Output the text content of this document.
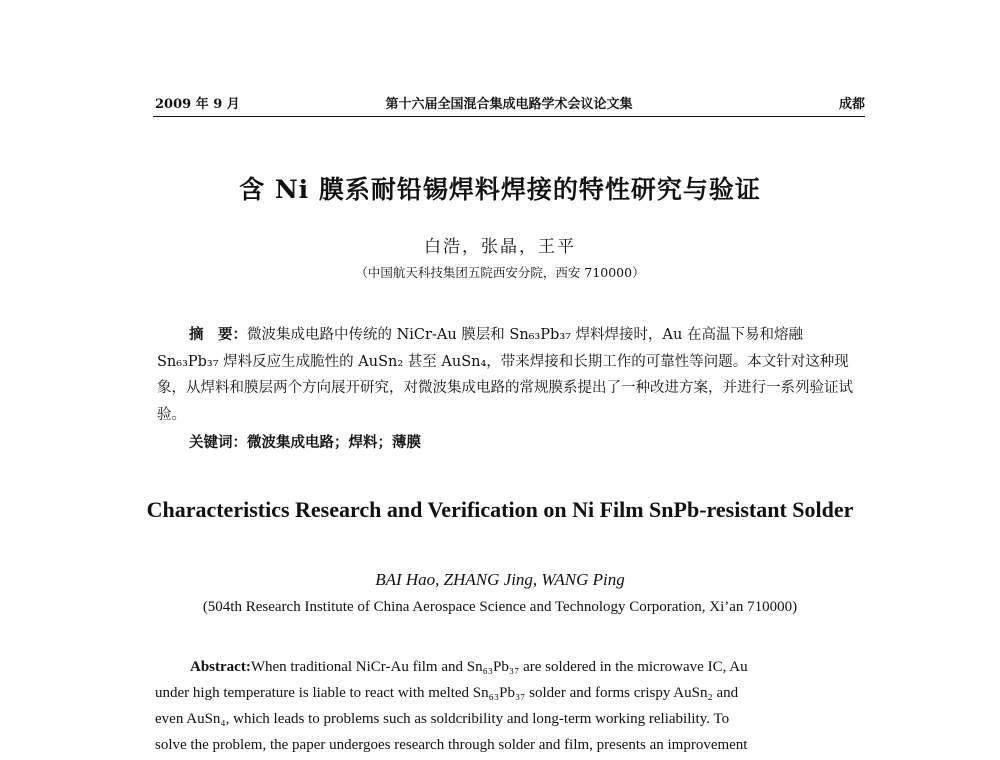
2009 年 9 月	第十六届全国混合集成电路学术会议论文集	成都
含 Ni 膜系耐铅锡焊料焊接的特性研究与验证
白浩，张晶，王平
（中国航天科技集团五院西安分院，西安 710000）
摘　要：微波集成电路中传统的 NiCr-Au 膜层和 Sn₆₃Pb₃₇ 焊料焊接时，Au 在高温下易和熔融 Sn₆₃Pb₃₇ 焊料反应生成脆性的 AuSn₂ 甚至 AuSn₄，带来焊接和长期工作的可靠性等问题。本文针对这种现象，从焊料和膜层两个方向展开研究，对微波集成电路的常规膜系提出了一种改进方案，并进行一系列验证试验。
关键词：微波集成电路；焊料；薄膜
Characteristics Research and Verification on Ni Film SnPb-resistant Solder
BAI Hao, ZHANG Jing, WANG Ping
(504th Research Institute of China Aerospace Science and Technology Corporation, Xi’an 710000)
Abstract:When traditional NiCr-Au film and Sn₆₃Pb₃₇ are soldered in the microwave IC, Au
under high temperature is liable to react with melted Sn₆₃Pb₃₇ solder and forms crispy AuSn₂ and
even AuSn₄, which leads to problems such as soldcribility and long-term working reliability. To
solve the problem, the paper undergoes research through solder and film, presents an improvement
